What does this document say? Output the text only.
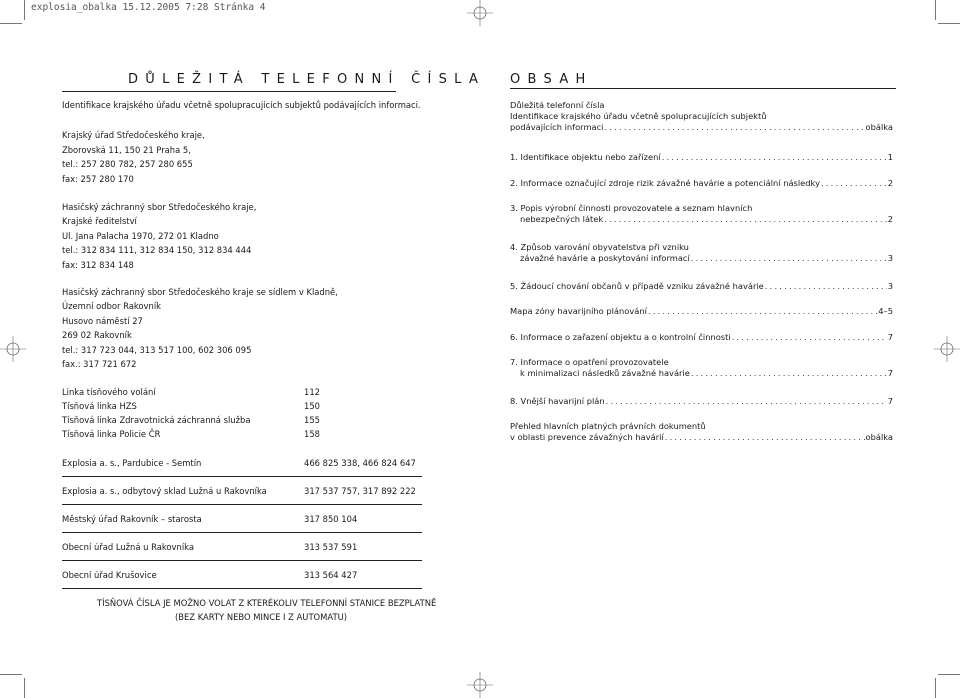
explosia_obalka 15.12.2005 7:28 Stránka 4
DŮLEŽITÁ TELEFONNÍ ČÍSLA
Identifikace krajského úřadu včetně spolupracujících subjektů podávajících informaci.
Krajský úřad Středočeského kraje,
Zborovská 11, 150 21 Praha 5,
tel.: 257 280 782, 257 280 655
fax: 257 280 170
Hasičský záchranný sbor Středočeského kraje,
Krajské ředitelství
Ul. Jana Palacha 1970, 272 01 Kladno
tel.: 312 834 111, 312 834 150, 312 834 444
fax: 312 834 148
Hasičský záchranný sbor Středočeského kraje se sídlem v Kladně,
Územní odbor Rakovník
Husovo náměstí 27
269 02 Rakovník
tel.: 317 723 044, 313 517 100, 602 306 095
fax.: 317 721 672
Linka tísňového volání	112
Tísňová linka HZS	150
Tísňová linka Zdravotnická záchranná služba	155
Tísňová linka Policie ČR	158
Explosia a. s., Pardubice - Semtín	466 825 338, 466 824 647
Explosia a. s., odbytový sklad Lužná u Rakovníka	317 537 757, 317 892 222
Městský úřad Rakovník – starosta	317 850 104
Obecní úřad Lužná u Rakovníka	313 537 591
Obecní úřad Krušovice	313 564 427
TÍSŇOVÁ ČÍSLA JE MOŽNO VOLAT Z KTERÉKOLIV TELEFONNÍ STANICE BEZPLATNĚ
(BEZ KARTY NEBO MINCE I Z AUTOMATU)
OBSAH
Důležitá telefonní čísla
Identifikace krajského úřadu včetně spolupracujících subjektů
podávajících informaci .....	obálka
1. Identifikace objektu nebo zařízení .....	1
2. Informace označující zdroje rizik závažné havárie a potenciální následky .....	2
3. Popis výrobní činnosti provozovatele a seznam hlavních
nebezpečných látek .....	2
4. Způsob varování obyvatelstva při vzniku
závažné havárie a poskytování informací .....	3
5. Žádoucí chování občanů v případě vzniku závažné havárie .....	3
Mapa zóny havarijního plánování .....	4–5
6. Informace o zařazení objektu a o kontrolní činnosti .....	7
7. Informace o opatření provozovatele
k minimalizaci následků závažné havárie .....	7
8. Vnější havarijní plán .....	7
Přehled hlavních platných právních dokumentů
v oblasti prevence závažných havárií .....	obálka
